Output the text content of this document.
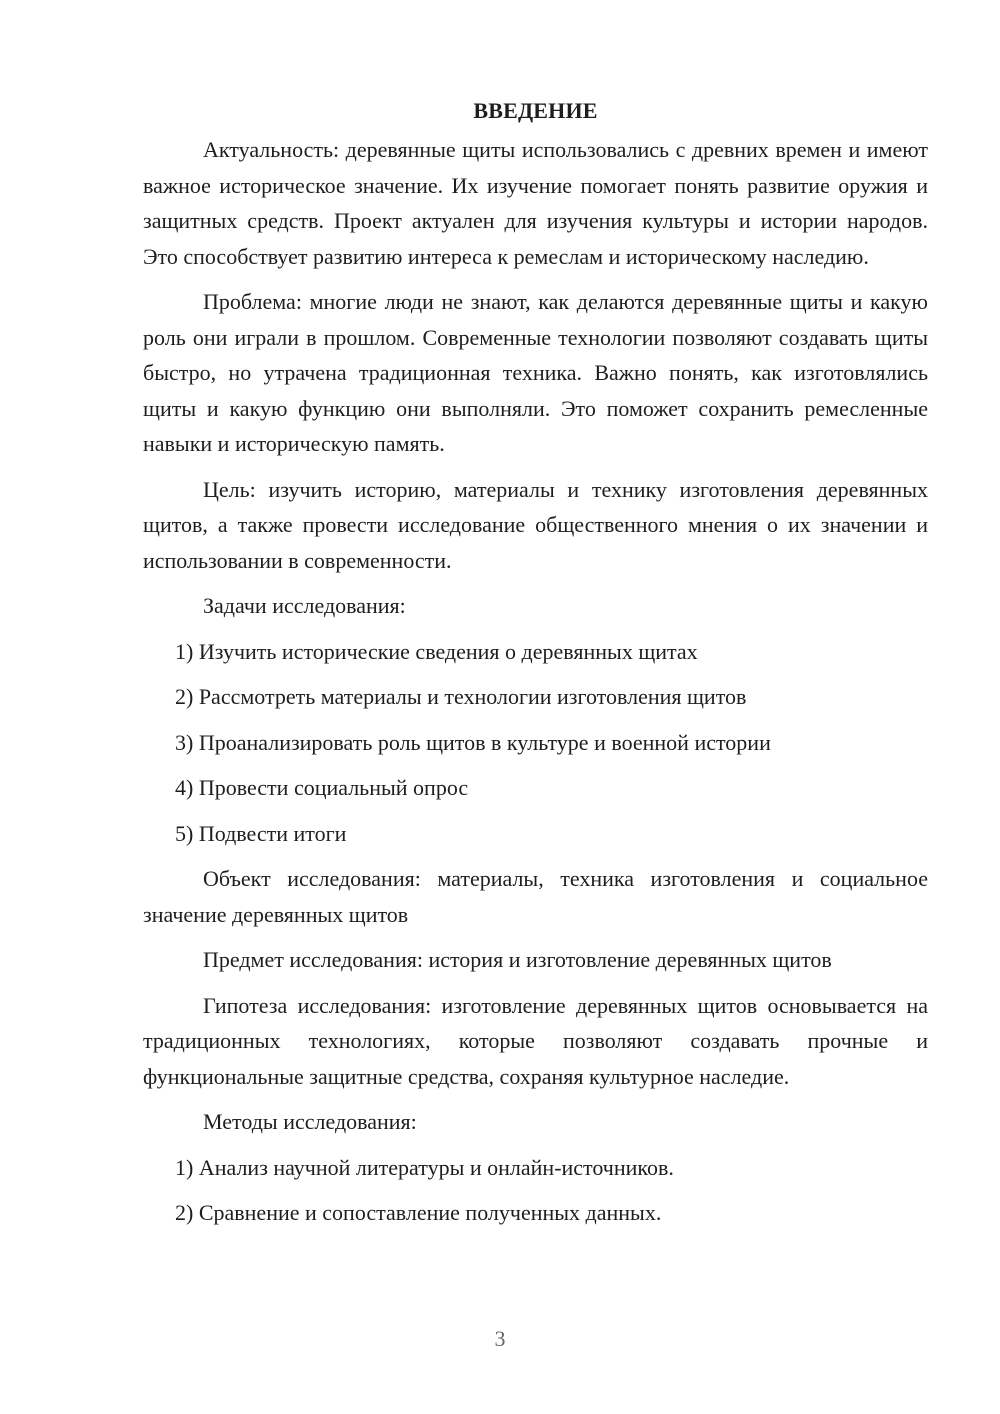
ВВЕДЕНИЕ

Актуальность: деревянные щиты использовались с древних времен и имеют важное историческое значение. Их изучение помогает понять развитие оружия и защитных средств. Проект актуален для изучения культуры и истории народов. Это способствует развитию интереса к ремеслам и историческому наследию.

Проблема: многие люди не знают, как делаются деревянные щиты и какую роль они играли в прошлом. Современные технологии позволяют создавать щиты быстро, но утрачена традиционная техника. Важно понять, как изготовлялись щиты и какую функцию они выполняли. Это поможет сохранить ремесленные навыки и историческую память.

Цель: изучить историю, материалы и технику изготовления деревянных щитов, а также провести исследование общественного мнения о их значении и использовании в современности.

Задачи исследования:

1) Изучить исторические сведения о деревянных щитах

2) Рассмотреть материалы и технологии изготовления щитов

3) Проанализировать роль щитов в культуре и военной истории

4) Провести социальный опрос

5) Подвести итоги

Объект исследования: материалы, техника изготовления и социальное значение деревянных щитов

Предмет исследования: история и изготовление деревянных щитов

Гипотеза исследования: изготовление деревянных щитов основывается на традиционных технологиях, которые позволяют создавать прочные и функциональные защитные средства, сохраняя культурное наследие.

Методы исследования:

1) Анализ научной литературы и онлайн-источников.

2) Сравнение и сопоставление полученных данных.

3
